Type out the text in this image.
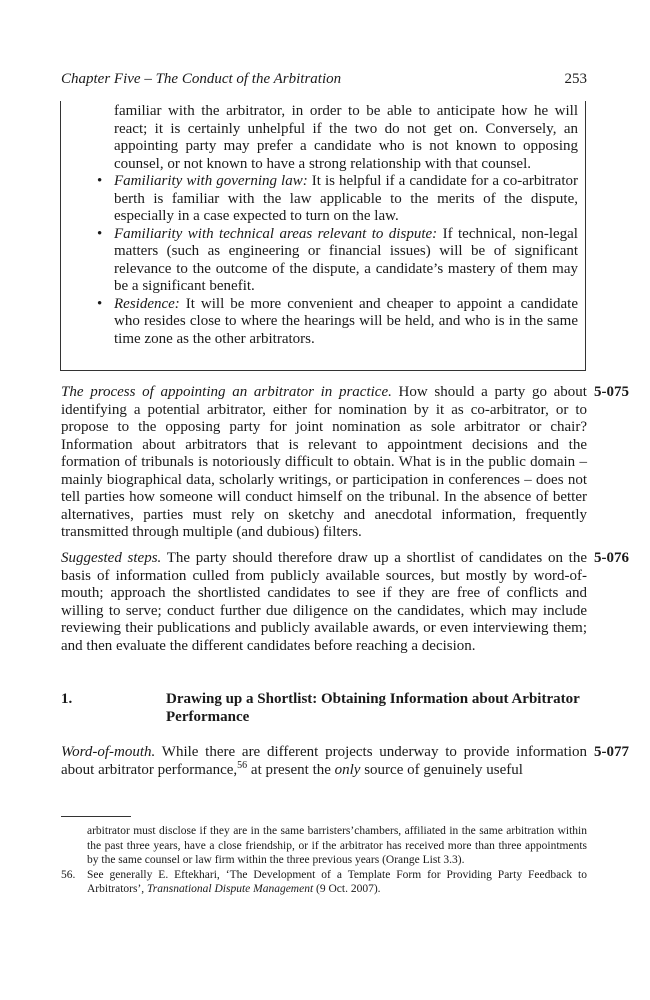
Chapter Five – The Conduct of the Arbitration	253
familiar with the arbitrator, in order to be able to anticipate how he will react; it is certainly unhelpful if the two do not get on. Conversely, an appointing party may prefer a candidate who is not known to opposing counsel, or not known to have a strong relationship with that counsel.
• Familiarity with governing law: It is helpful if a candidate for a co-arbitrator berth is familiar with the law applicable to the merits of the dispute, especially in a case expected to turn on the law.
• Familiarity with technical areas relevant to dispute: If technical, non-legal matters (such as engineering or financial issues) will be of significant relevance to the outcome of the dispute, a candidate’s mastery of them may be a significant benefit.
• Residence: It will be more convenient and cheaper to appoint a candidate who resides close to where the hearings will be held, and who is in the same time zone as the other arbitrators.
The process of appointing an arbitrator in practice. How should a party go about identifying a potential arbitrator, either for nomination by it as co-arbitrator, or to propose to the opposing party for joint nomination as sole arbitrator or chair? Information about arbitrators that is relevant to appointment decisions and the formation of tribunals is notoriously difficult to obtain. What is in the public domain – mainly biographical data, scholarly writings, or participation in conferences – does not tell parties how someone will conduct himself on the tribunal. In the absence of better alternatives, parties must rely on sketchy and anecdotal information, frequently transmitted through multiple (and dubious) filters.
5-075
Suggested steps. The party should therefore draw up a shortlist of candidates on the basis of information culled from publicly available sources, but mostly by word-of-mouth; approach the shortlisted candidates to see if they are free of conflicts and willing to serve; conduct further due diligence on the candidates, which may include reviewing their publications and publicly available awards, or even interviewing them; and then evaluate the different candidates before reaching a decision.
5-076
1.	Drawing up a Shortlist: Obtaining Information about Arbitrator Performance
Word-of-mouth. While there are different projects underway to provide information about arbitrator performance,$^{56}$ at present the only source of genuinely useful
5-077
arbitrator must disclose if they are in the same barristers’chambers, affiliated in the same arbitration within the past three years, have a close friendship, or if the arbitrator has received more than three appointments by the same counsel or law firm within the three previous years (Orange List 3.3).
56. See generally E. Eftekhari, ‘The Development of a Template Form for Providing Party Feedback to Arbitrators’, Transnational Dispute Management (9 Oct. 2007).
